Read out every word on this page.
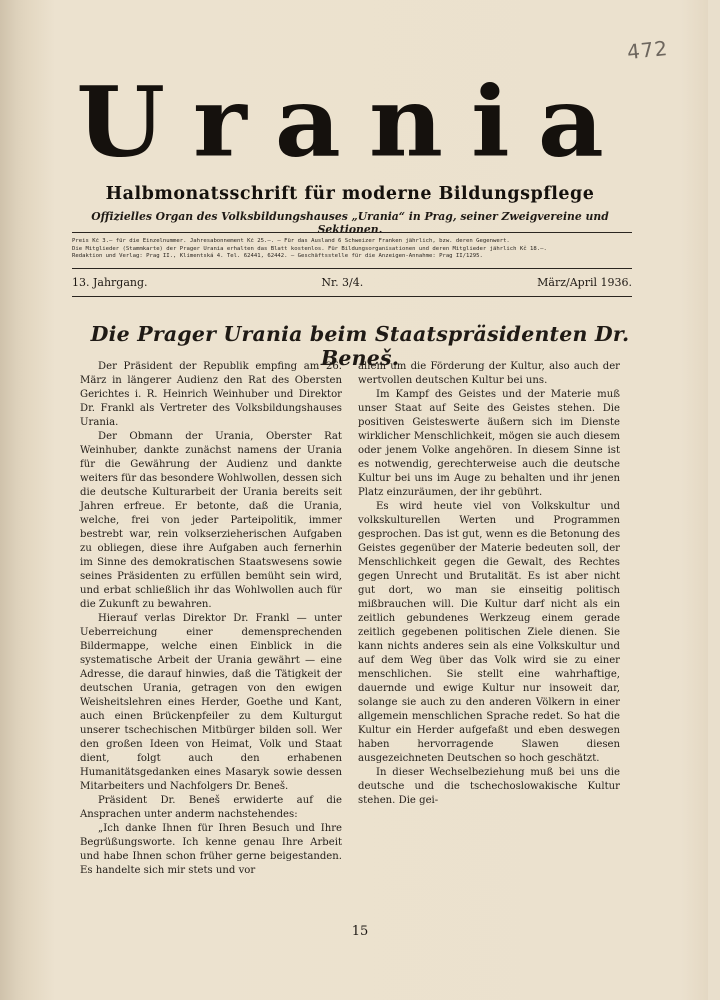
472
Urania
Halbmonatsschrift für moderne Bildungspflege
Offizielles Organ des Volksbildungshauses „Urania“ in Prag, seiner Zweigvereine und Sektionen.
Preis Kč 3.— für die Einzelnummer. Jahresabonnement Kč 25.—. — Für das Ausland 6 Schweizer Franken jährlich, bzw. deren Gegenwert.
Die Mitglieder (Stammkarte) der Prager Urania erhalten das Blatt kostenlos. Für Bildungsorganisationen und deren Mitglieder jährlich Kč 18.—.
Redaktion und Verlag: Prag II., Klimentská 4. Tel. 62441, 62442. — Geschäftsstelle für die Anzeigen-Annahme: Prag II/1295.
13. Jahrgang.	Nr. 3/4.	März/April 1936.
Die Prager Urania beim Staatspräsidenten Dr. Beneš.

Der Präsident der Republik empfing am 26. März in längerer Audienz den Rat des Obersten Gerichtes i. R. Heinrich Weinhuber und Direktor Dr. Frankl als Vertreter des Volksbildungshauses Urania.

Der Obmann der Urania, Oberster Rat Weinhuber, dankte zunächst namens der Urania für die Gewährung der Audienz und dankte weiters für das besondere Wohlwollen, dessen sich die deutsche Kulturarbeit der Urania bereits seit Jahren erfreue. Er betonte, daß die Urania, welche, frei von jeder Parteipolitik, immer bestrebt war, rein volkserzieherischen Aufgaben zu obliegen, diese ihre Aufgaben auch fernerhin im Sinne des demokratischen Staatswesens sowie seines Präsidenten zu erfüllen bemüht sein wird, und erbat schließlich ihr das Wohlwollen auch für die Zukunft zu bewahren.

Hierauf verlas Direktor Dr. Frankl — unter Ueberreichung einer demensprechenden Bildermappe, welche einen Einblick in die systematische Arbeit der Urania gewährt — eine Adresse, die darauf hinwies, daß die Tätigkeit der deutschen Urania, getragen von den ewigen Weisheitslehren eines Herder, Goethe und Kant, auch einen Brückenpfeiler zu dem Kulturgut unserer tschechischen Mitbürger bilden soll. Wer den großen Ideen von Heimat, Volk und Staat dient, folgt auch den erhabenen Humanitätsgedanken eines Masaryk sowie dessen Mitarbeiters und Nachfolgers Dr. Beneš.

Präsident Dr. Beneš erwiderte auf die Ansprachen unter anderm nachstehendes:

„Ich danke Ihnen für Ihren Besuch und Ihre Begrüßungsworte. Ich kenne genau Ihre Arbeit und habe Ihnen schon früher gerne beigestanden. Es handelte sich mir stets und vor

allem um die Förderung der Kultur, also auch der wertvollen deutschen Kultur bei uns.

Im Kampf des Geistes und der Materie muß unser Staat auf Seite des Geistes stehen. Die positiven Geisteswerte äußern sich im Dienste wirklicher Menschlichkeit, mögen sie auch diesem oder jenem Volke angehören. In diesem Sinne ist es notwendig, gerechterweise auch die deutsche Kultur bei uns im Auge zu behalten und ihr jenen Platz einzuräumen, der ihr gebührt.

Es wird heute viel von Volkskultur und volkskulturellen Werten und Programmen gesprochen. Das ist gut, wenn es die Betonung des Geistes gegenüber der Materie bedeuten soll, der Menschlichkeit gegen die Gewalt, des Rechtes gegen Unrecht und Brutalität. Es ist aber nicht gut dort, wo man sie einseitig politisch mißbrauchen will. Die Kultur darf nicht als ein zeitlich gebundenes Werkzeug einem gerade zeitlich gegebenen politischen Ziele dienen. Sie kann nichts anderes sein als eine Volkskultur und auf dem Weg über das Volk wird sie zu einer menschlichen. Sie stellt eine wahrhaftige, dauernde und ewige Kultur nur insoweit dar, solange sie auch zu den anderen Völkern in einer allgemein menschlichen Sprache redet. So hat die Kultur ein Herder aufgefaßt und eben deswegen haben hervorragende Slawen diesen ausgezeichneten Deutschen so hoch geschätzt.

In dieser Wechselbeziehung muß bei uns die deutsche und die tschechoslowakische Kultur stehen. Die gei-

15
